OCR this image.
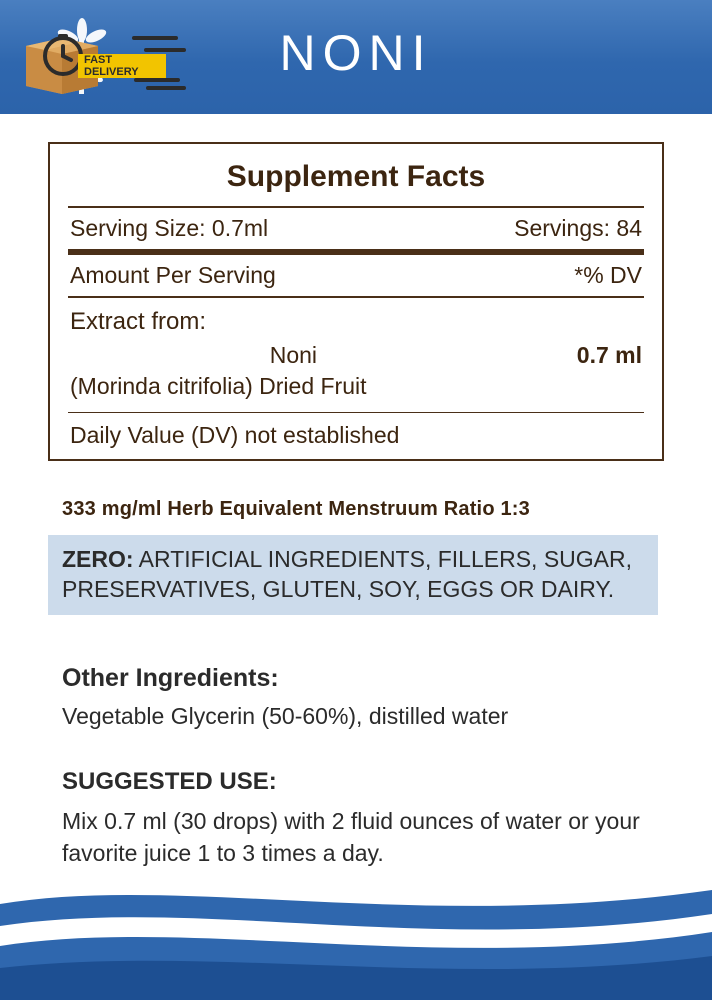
FAST
DELIVERY	NONI
Supplement Facts
Serving Size: 0.7ml	Servings: 84
Amount Per Serving	*% DV
Extract from:
Noni	0.7 ml
(Morinda citrifolia) Dried Fruit
Daily Value (DV) not established
333 mg/ml Herb Equivalent Menstruum Ratio 1:3
ZERO: ARTIFICIAL INGREDIENTS, FILLERS, SUGAR, PRESERVATIVES, GLUTEN, SOY, EGGS OR DAIRY.
Other Ingredients:
Vegetable Glycerin (50-60%), distilled water
SUGGESTED USE:
Mix 0.7 ml (30 drops) with 2 fluid ounces of water or your favorite juice 1 to 3 times a day.
